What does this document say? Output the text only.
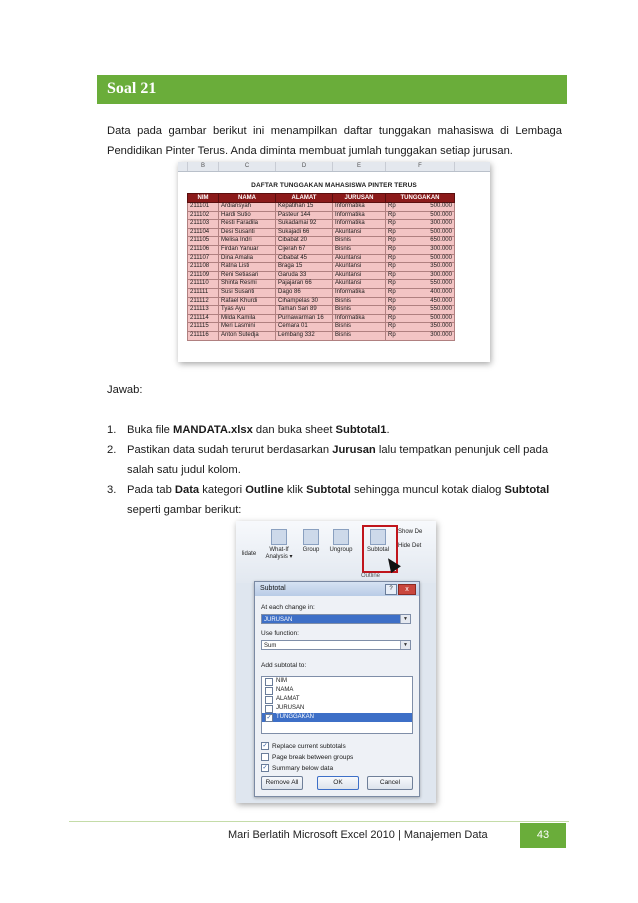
Soal 21
Data pada gambar berikut ini menampilkan daftar tunggakan mahasiswa di Lembaga Pendidikan Pinter Terus. Anda diminta membuat jumlah tunggakan setiap jurusan.
B	C	D	E	F
DAFTAR TUNGGAKAN MAHASISWA PINTER TERUS
NIM	NAMA	ALAMAT	JURUSAN	TUNGGAKAN
211101	Ardiansyah	Kepatihan 15	Informatika	Rp 500.000

211102	Hardi Sutio	Pasteur 144	Informatika	Rp 500.000

211103	Resti Faradila	Sukadamai 92	Informatika	Rp 300.000

211104	Desi Susanti	Sukajadi 66	Akuntansi	Rp 500.000

211105	Melisa Indri	Cibabat 20	Bisnis	Rp 650.000

211106	Firdan Yanuar	Cijerah 67	Bisnis	Rp 300.000

211107	Dina Amalia	Cibabat 45	Akuntansi	Rp 500.000

211108	Ratna Listi	Braga 15	Akuntansi	Rp 350.000

211109	Reni Setiasari	Garuda 33	Akuntansi	Rp 300.000

211110	Shinta Resmi	Pajajaran 66	Akuntansi	Rp 550.000

211111	Susi Susanti	Dago 86	Informatika	Rp 400.000

211112	Rafael Khurdi	Cihampelas 30	Bisnis	Rp 450.000

211113	Tyas Ayu	Taman Sari 89	Bisnis	Rp 550.000

211114	Milda Kamila	Purnawarman 16	Informatika	Rp 500.000

211115	Meri Lasmini	Cemara 01	Bisnis	Rp 350.000

211116	Anton Sutedja	Lembang 332	Bisnis	Rp 300.000
Jawab:
1. Buka file MANDATA.xlsx dan buka sheet Subtotal1.
2. Pastikan data sudah terurut berdasarkan Jurusan lalu tempatkan penunjuk cell pada salah satu judul kolom.
3. Pada tab Data kategori Outline klik Subtotal sehingga muncul kotak dialog Subtotal seperti gambar berikut:
lidate
What-If
Analysis ▾
Group	Ungroup	Subtotal
Show De
Hide Det
Outline
Subtotal	?	x
At each change in:
JURUSAN	▼
Use function:
Sum	▼
Add subtotal to:
NIM
NAMA
ALAMAT
JURUSAN
✓ TUNGGAKAN
✓ Replace current subtotals
Page break between groups
✓ Summary below data
Remove All	OK	Cancel
Mari Berlatih Microsoft Excel 2010 | Manajemen Data	43
